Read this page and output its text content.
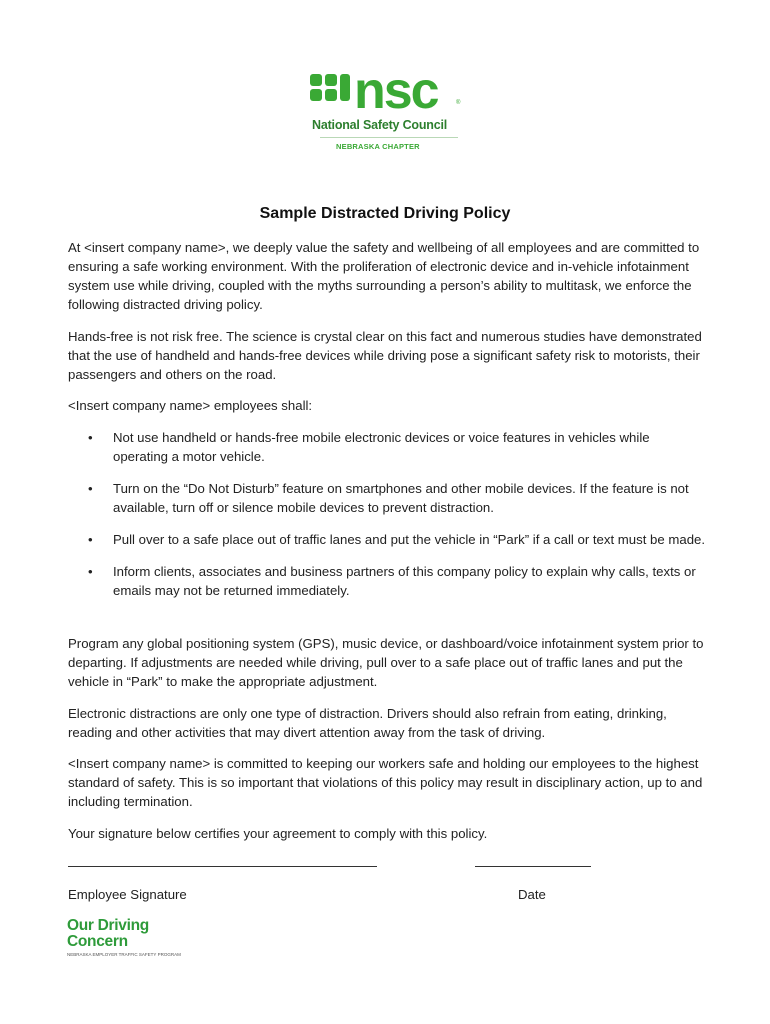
nsc	®
National Safety Council
NEBRASKA CHAPTER
Sample Distracted Driving Policy

At <insert company name>, we deeply value the safety and wellbeing of all employees and are committed to ensuring a safe working environment. With the proliferation of electronic device and in-vehicle infotainment system use while driving, coupled with the myths surrounding a person’s ability to multitask, we enforce the following distracted driving policy.

Hands-free is not risk free. The science is crystal clear on this fact and numerous studies have demonstrated that the use of handheld and hands-free devices while driving pose a significant safety risk to motorists, their passengers and others on the road.

<Insert company name> employees shall:

• Not use handheld or hands-free mobile electronic devices or voice features in vehicles while operating a motor vehicle.
• Turn on the “Do Not Disturb” feature on smartphones and other mobile devices. If the feature is not available, turn off or silence mobile devices to prevent distraction.
• Pull over to a safe place out of traffic lanes and put the vehicle in “Park” if a call or text must be made.
• Inform clients, associates and business partners of this company policy to explain why calls, texts or emails may not be returned immediately.

Program any global positioning system (GPS), music device, or dashboard/voice infotainment system prior to departing. If adjustments are needed while driving, pull over to a safe place out of traffic lanes and put the vehicle in “Park” to make the appropriate adjustment.

Electronic distractions are only one type of distraction. Drivers should also refrain from eating, drinking, reading and other activities that may divert attention away from the task of driving.

<Insert company name> is committed to keeping our workers safe and holding our employees to the highest standard of safety. This is so important that violations of this policy may result in disciplinary action, up to and including termination.

Your signature below certifies your agreement to comply with this policy.

Employee Signature	Date
Our Driving
Concern
NEBRASKA EMPLOYER TRAFFIC SAFETY PROGRAM
